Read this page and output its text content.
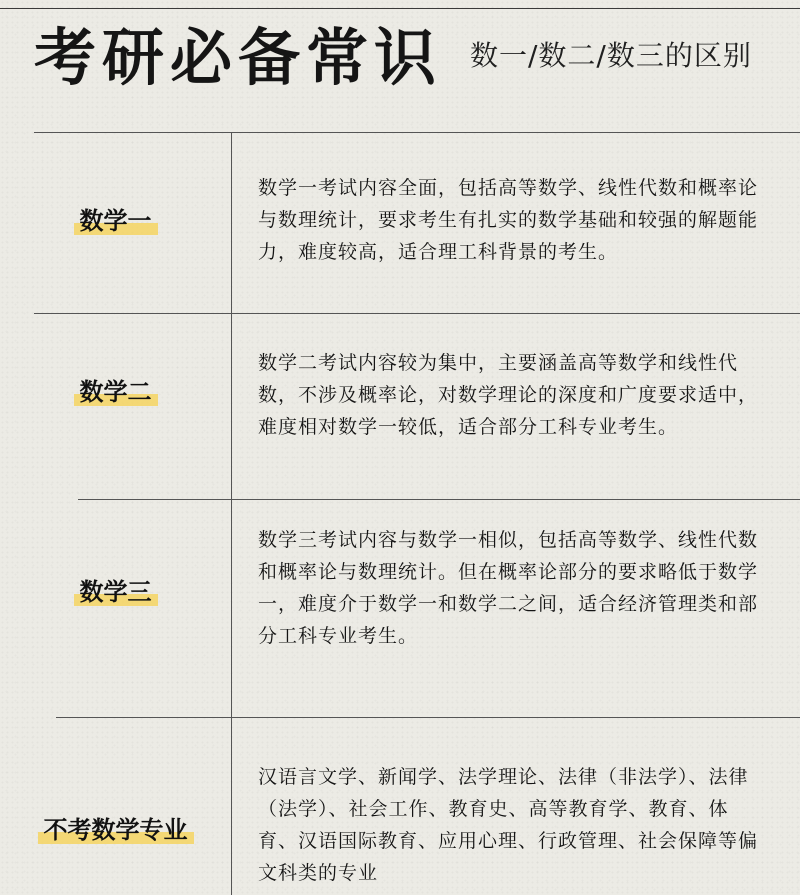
考研必备常识 数一/数二/数三的区别
数学一
数学一考试内容全面，包括高等数学、线性代数和概率论与数理统计，要求考生有扎实的数学基础和较强的解题能力，难度较高，适合理工科背景的考生。
数学二
数学二考试内容较为集中，主要涵盖高等数学和线性代数，不涉及概率论，对数学理论的深度和广度要求适中，难度相对数学一较低，适合部分工科专业考生。
数学三
数学三考试内容与数学一相似，包括高等数学、线性代数和概率论与数理统计。但在概率论部分的要求略低于数学一，难度介于数学一和数学二之间，适合经济管理类和部分工科专业考生。
不考数学专业
汉语言文学、新闻学、法学理论、法律（非法学）、法律（法学）、社会工作、教育史、高等教育学、教育、体育、汉语国际教育、应用心理、行政管理、社会保障等偏文科类的专业
